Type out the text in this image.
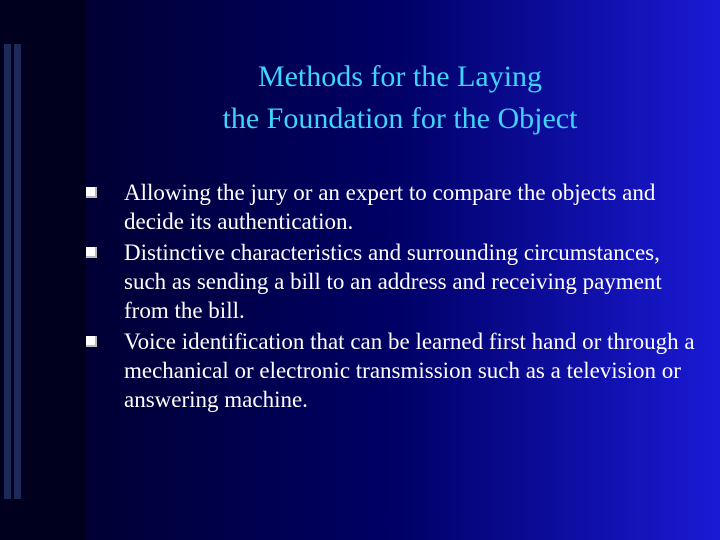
Methods for the Laying
the Foundation for the Object
Allowing the jury or an expert to compare the objects and decide its authentication.
Distinctive characteristics and surrounding circumstances, such as sending a bill to an address and receiving payment from the bill.
Voice identification that can be learned first hand or through a mechanical or electronic transmission such as a television or answering machine.
